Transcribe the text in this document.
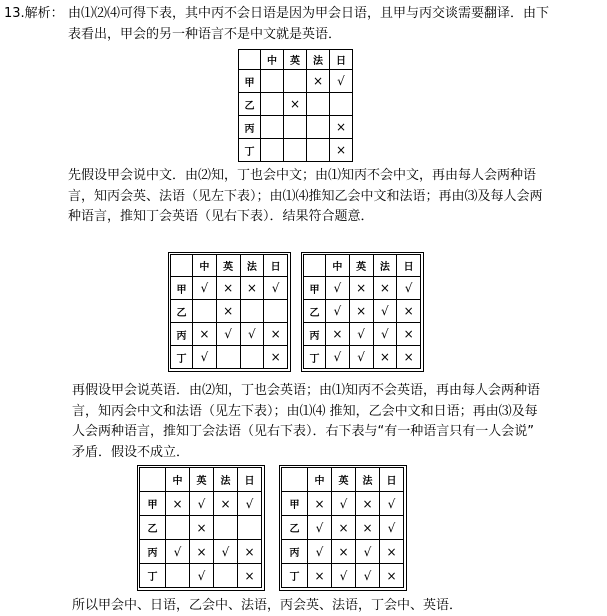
13.解析： 由⑴⑵⑷可得下表，其中丙不会日语是因为甲会日语，且甲与丙交谈需要翻译．由下
表看出，甲会的另一种语言不是中文就是英语．
	中	英	法	日
甲			×	√
乙		×		
丙				×
丁				×
先假设甲会说中文．由⑵知，丁也会中文；由⑴知丙不会中文，再由每人会两种语
言，知丙会英、法语（见左下表）；由⑴⑷推知乙会中文和法语；再由⑶及每人会两
种语言，推知丁会英语（见右下表）．结果符合题意．
	中	英	法	日
甲	√	×	×	√
乙		×		
丙	×	√	√	×
丁	√			×
	中	英	法	日
甲	√	×	×	√
乙	√	×	√	×
丙	×	√	√	×
丁	√	√	×	×
再假设甲会说英语．由⑵知，丁也会英语；由⑴知丙不会英语，再由每人会两种语
言，知丙会中文和法语（见左下表）；由⑴⑷ 推知，乙会中文和日语；再由⑶及每
人会两种语言，推知丁会法语（见右下表）．右下表与“有一种语言只有一人会说”
矛盾．假设不成立．
	中	英	法	日
甲	×	√	×	√
乙		×		
丙	√	×	√	×
丁		√		×
	中	英	法	日
甲	×	√	×	√
乙	√	×	×	√
丙	√	×	√	×
丁	×	√	√	×
所以甲会中、日语，乙会中、法语，丙会英、法语，丁会中、英语．
